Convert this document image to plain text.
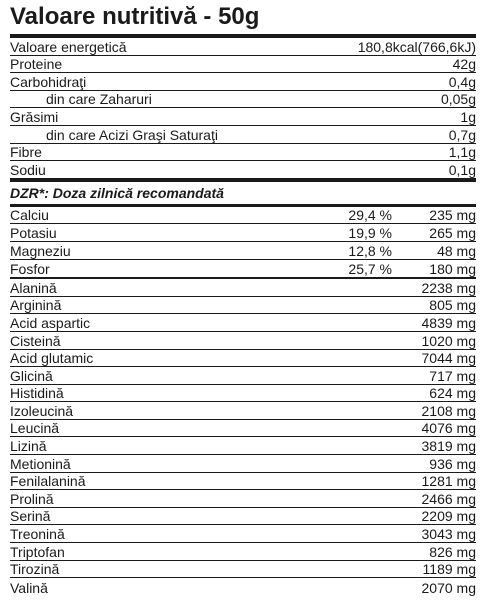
Valoare nutritivă - 50g
Valoare energetică	180,8kcal(766,6kJ)
Proteine	42g
Carbohidraţi	0,4g
din care Zaharuri	0,05g
Grăsimi	1g
din care Acizi Graşi Saturaţi	0,7g
Fibre	1,1g
Sodiu	0,1g
DZR*: Doza zilnică recomandată
Calciu	29,4 %	235 mg
Potasiu	19,9 %	265 mg
Magneziu	12,8 %	48 mg
Fosfor	25,7 %	180 mg
Alanină	2238 mg
Arginină	805 mg
Acid aspartic	4839 mg
Cisteină	1020 mg
Acid glutamic	7044 mg
Glicină	717 mg
Histidină	624 mg
Izoleucină	2108 mg
Leucină	4076 mg
Lizină	3819 mg
Metionină	936 mg
Fenilalanină	1281 mg
Prolină	2466 mg
Serină	2209 mg
Treonină	3043 mg
Triptofan	826 mg
Tirozină	1189 mg
Valină	2070 mg
